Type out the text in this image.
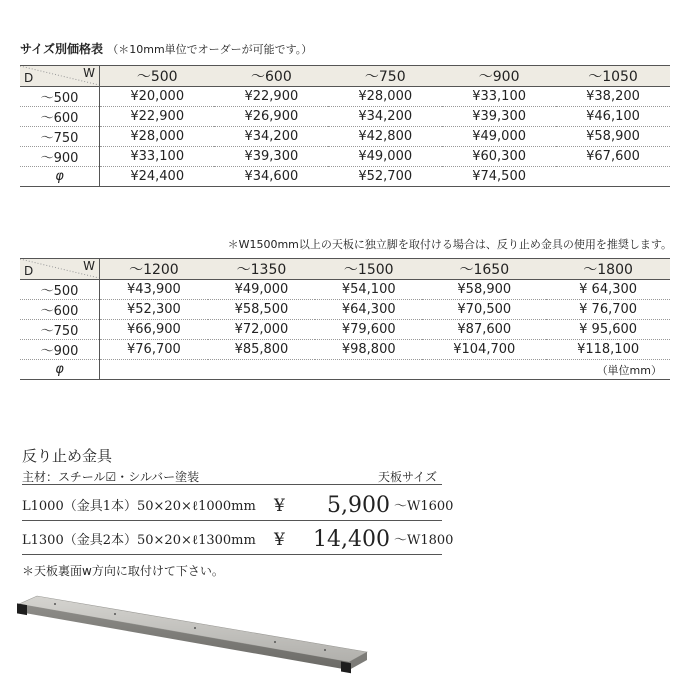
サイズ別価格表 （＊10mm単位でオーダーが可能です。）
D W	～500	～600	～750	～900	～1050
～500	¥20,000	¥22,900	¥28,000	¥33,100	¥38,200
～600	¥22,900	¥26,900	¥34,200	¥39,300	¥46,100
～750	¥28,000	¥34,200	¥42,800	¥49,000	¥58,900
～900	¥33,100	¥39,300	¥49,000	¥60,300	¥67,600
φ	¥24,400	¥34,600	¥52,700	¥74,500	
＊W1500mm以上の天板に独立脚を取付ける場合は、反り止め金具の使用を推奨します。
D W	～1200	～1350	～1500	～1650	～1800
～500	¥43,900	¥49,000	¥54,100	¥58,900	¥ 64,300
～600	¥52,300	¥58,500	¥64,300	¥70,500	¥ 76,700
～750	¥66,900	¥72,000	¥79,600	¥87,600	¥ 95,600
～900	¥76,700	¥85,800	¥98,800	¥104,700	¥118,100
φ	（単位mm）				
反り止め金具
主材：スチール☑・シルバー塗装	天板サイズ
L1000（金具1本）50×20×ℓ1000mm ¥	5,900 ～W1600
L1300（金具2本）50×20×ℓ1300mm ¥	14,400 ～W1800
＊天板裏面w方向に取付けて下さい。
